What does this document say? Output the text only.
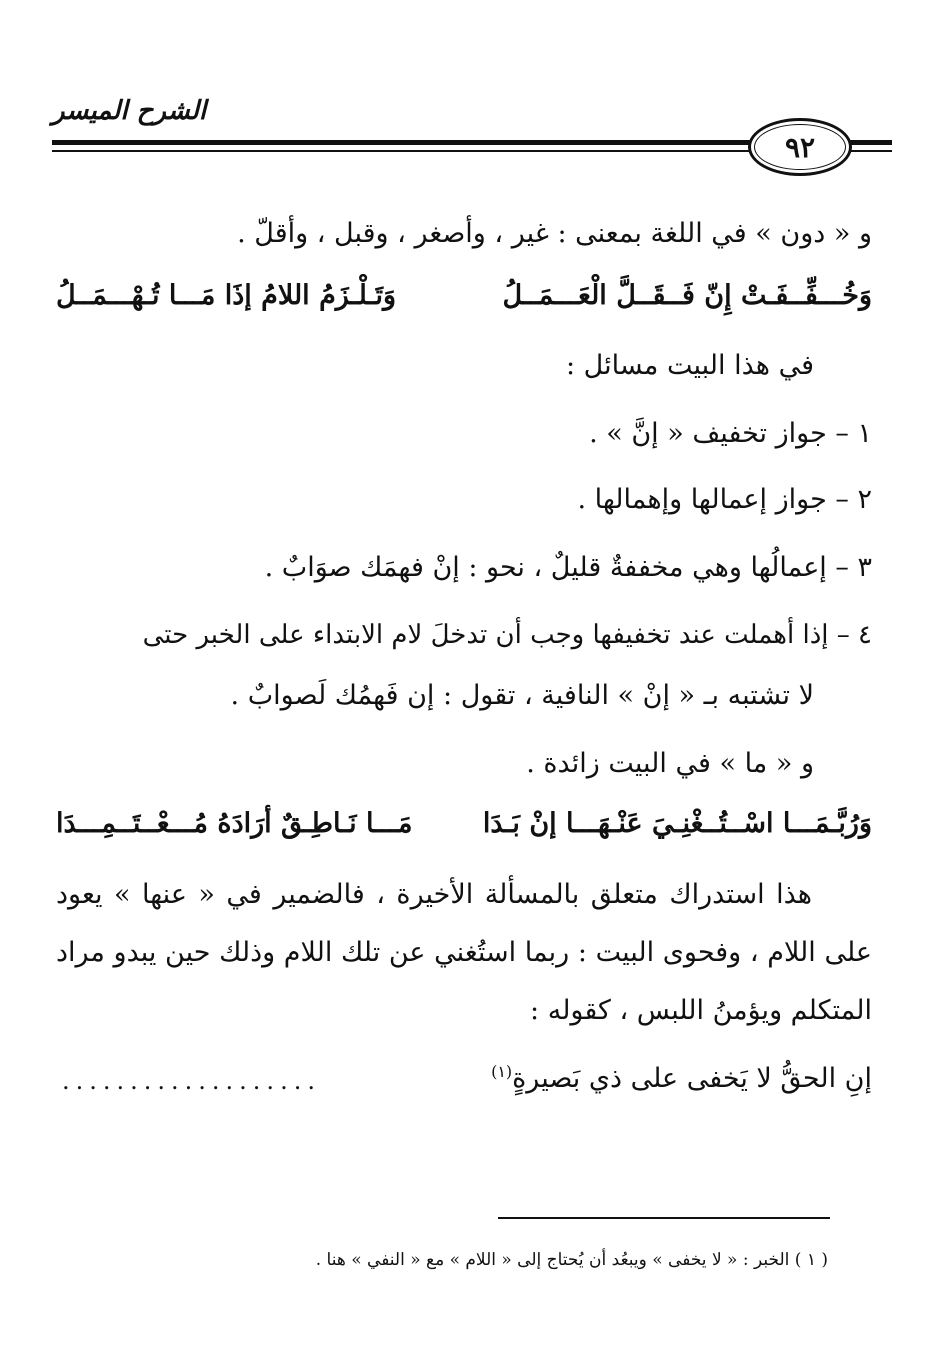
الشرح الميسر
٩٢
و « دون » في اللغة بمعنى : غير ، وأصغر ، وقبل ، وأقلّ .
وَخُـــفِّــفَـتْ إِنّ فَــقَــلَّ الْعَـــمَــلُ
وَتَـلْـزَمُ اللامُ إذَا مَـــا تُـهْـــمَــلُ
في هذا البيت مسائل :
١ – جواز تخفيف « إنَّ » .
٢ – جواز إعمالها وإهمالها .
٣ – إعمالُها وهي مخففةٌ قليلٌ ، نحو : إنْ فهمَك صوَابٌ .
٤ – إذا أهملت عند تخفيفها وجب أن تدخلَ لام الابتداء على الخبر حتى
لا تشتبه بـ « إنْ » النافية ، تقول : إن فَهمُك لَصوابٌ .
و « ما » في البيت زائدة .
وَرُبَّـمَـــا اسْــتُــغْنِـيَ عَنْـهَـــا إنْ بَـدَا
مَـــا نَـاطِـقٌ أرَادَهُ مُـــعْــتَــمِـــدَا
هذا استدراك متعلق بالمسألة الأخيرة ، فالضمير في « عنها » يعود على اللام ، وفحوى البيت : ربما استُغني عن تلك اللام وذلك حين يبدو مراد المتكلم ويؤمنُ اللبس ، كقوله :
إنِ الحقُّ لا يَخفى على ذي بَصيرةٍ$^{(١)}$
...................
( ١ ) الخبر : « لا يخفى » ويبعُد أن يُحتاج إلى « اللام » مع « النفي » هنا .
